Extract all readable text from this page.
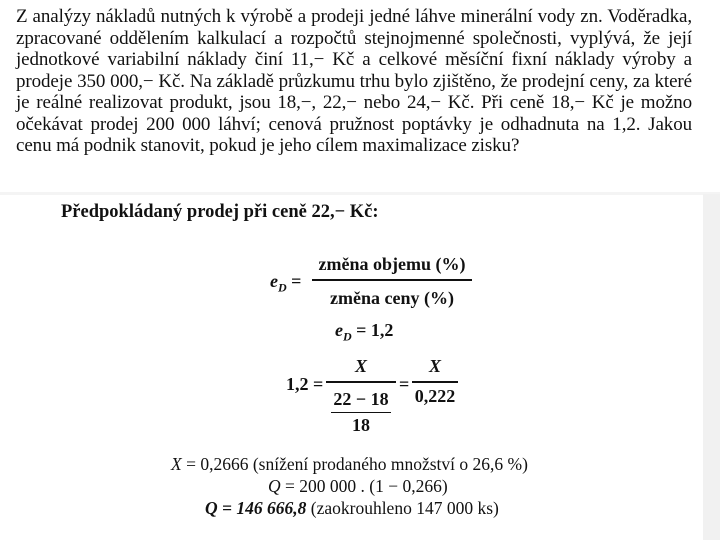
Z analýzy nákladů nutných k výrobě a prodeji jedné láhve minerální vody zn. Voděradka, zpracované oddělením kalkulací a rozpočtů stejnojmenné společnosti, vyplývá, že její jednotkové variabilní náklady činí 11,− Kč a celkové měsíční fixní náklady výroby a prodeje 350 000,− Kč. Na základě průzkumu trhu bylo zjištěno, že prodejní ceny, za které je reálné realizovat produkt, jsou 18,−, 22,− nebo 24,− Kč. Při ceně 18,− Kč je možno očekávat prodej 200 000 láhví; cenová pružnost poptávky je odhadnuta na 1,2. Jakou cenu má podnik stanovit, pokud je jeho cílem maximalizace zisku?

Předpokládaný prodej při ceně 22,− Kč:

$e_D$ =
změna objemu (%)
změna ceny (%)
$e_D = 1,2$
1,2 =
X
$\frac{22 - 18}{18}$
=
X
0,222

X = 0,2666 (snížení prodaného množství o 26,6 %)

Q = 200 000 . (1 − 0,266)

Q = 146 666,8 (zaokrouhleno 147 000 ks)
